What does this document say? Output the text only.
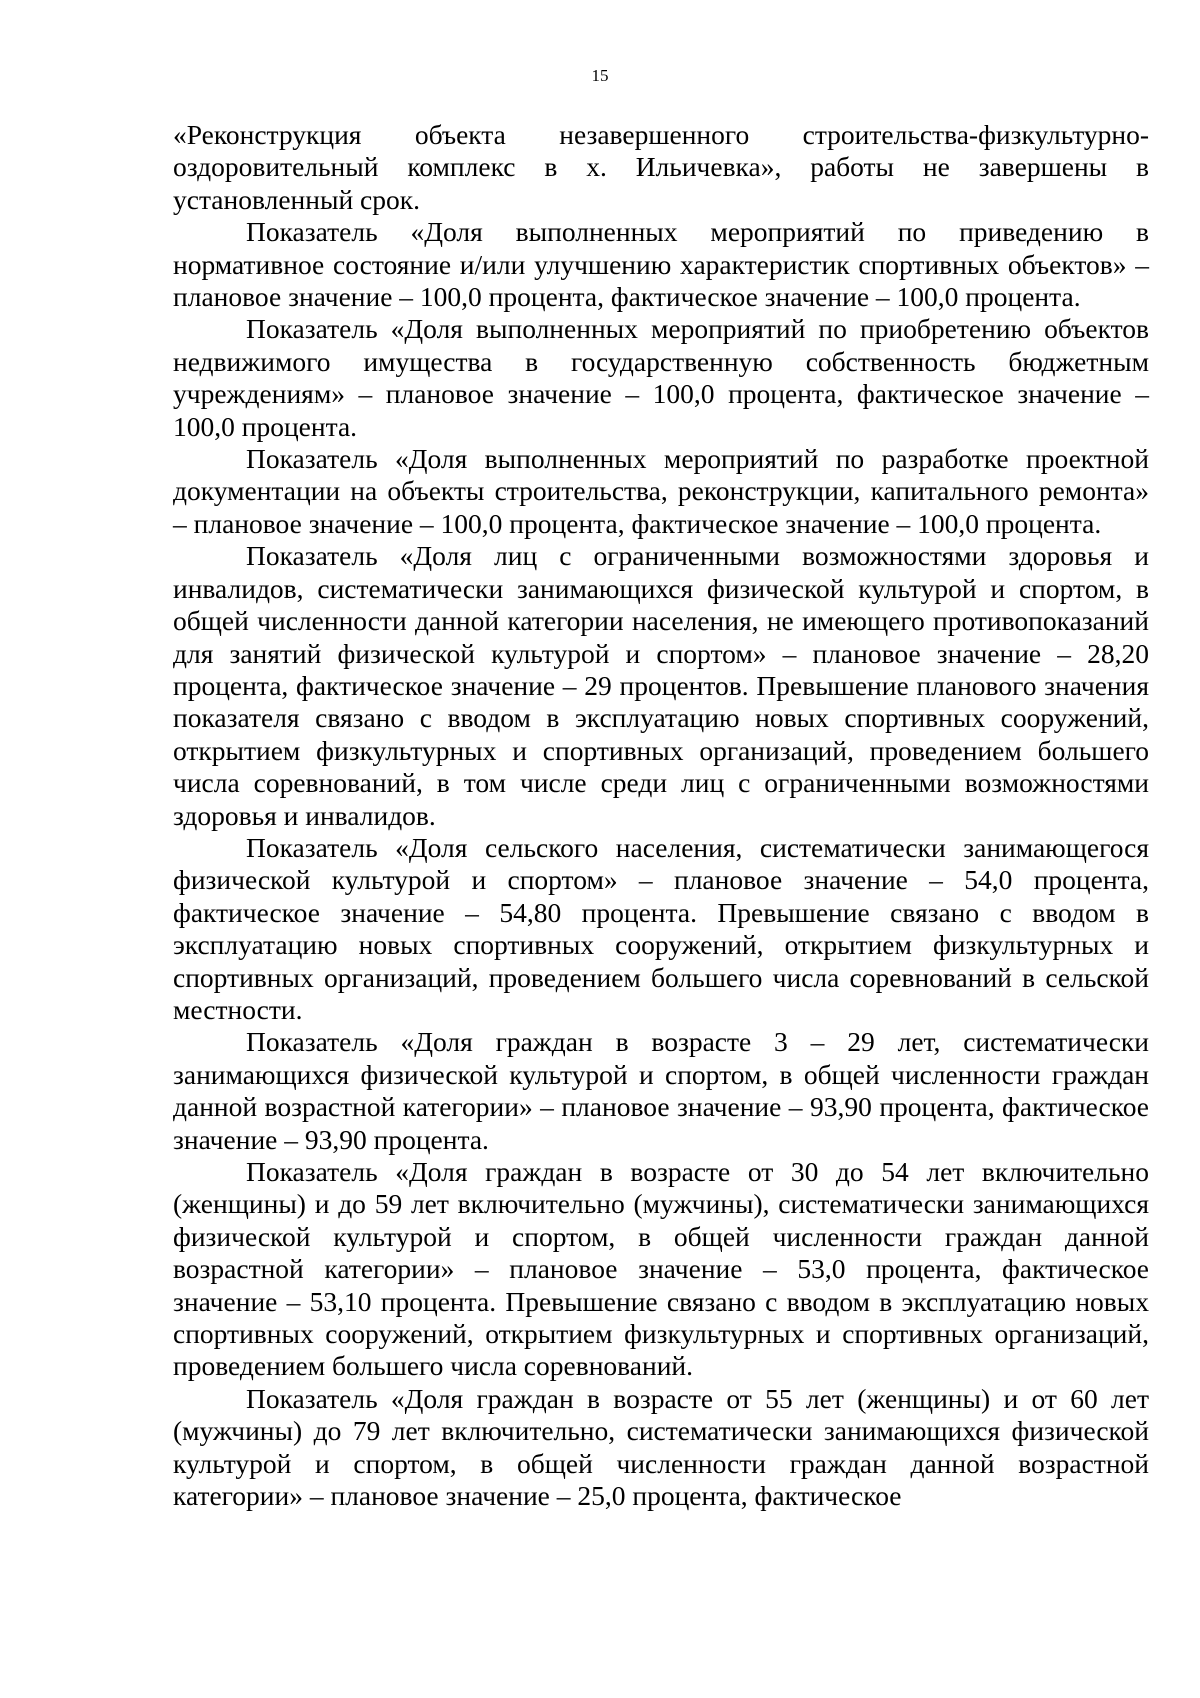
15

«Реконструкция объекта незавершенного строительства-физкультурно-оздоровительный комплекс в х. Ильичевка», работы не завершены в установленный срок.

Показатель «Доля выполненных мероприятий по приведению в нормативное состояние и/или улучшению характеристик спортивных объектов» – плановое значение – 100,0 процента, фактическое значение – 100,0 процента.

Показатель «Доля выполненных мероприятий по приобретению объектов недвижимого имущества в государственную собственность бюджетным учреждениям» – плановое значение – 100,0 процента, фактическое значение – 100,0 процента.

Показатель «Доля выполненных мероприятий по разработке проектной документации на объекты строительства, реконструкции, капитального ремонта» – плановое значение – 100,0 процента, фактическое значение – 100,0 процента.

Показатель «Доля лиц с ограниченными возможностями здоровья и инвалидов, систематически занимающихся физической культурой и спортом, в общей численности данной категории населения, не имеющего противопоказаний для занятий физической культурой и спортом» – плановое значение – 28,20 процента, фактическое значение – 29 процентов. Превышение планового значения показателя связано с вводом в эксплуатацию новых спортивных сооружений, открытием физкультурных и спортивных организаций, проведением большего числа соревнований, в том числе среди лиц с ограниченными возможностями здоровья и инвалидов.

Показатель «Доля сельского населения, систематически занимающегося физической культурой и спортом» – плановое значение – 54,0 процента, фактическое значение – 54,80 процента. Превышение связано с вводом в эксплуатацию новых спортивных сооружений, открытием физкультурных и спортивных организаций, проведением большего числа соревнований в сельской местности.

Показатель «Доля граждан в возрасте 3 – 29 лет, систематически занимающихся физической культурой и спортом, в общей численности граждан данной возрастной категории» – плановое значение – 93,90 процента, фактическое значение – 93,90 процента.

Показатель «Доля граждан в возрасте от 30 до 54 лет включительно (женщины) и до 59 лет включительно (мужчины), систематически занимающихся физической культурой и спортом, в общей численности граждан данной возрастной категории» – плановое значение – 53,0 процента, фактическое значение – 53,10 процента. Превышение связано с вводом в эксплуатацию новых спортивных сооружений, открытием физкультурных и спортивных организаций, проведением большего числа соревнований.

Показатель «Доля граждан в возрасте от 55 лет (женщины) и от 60 лет (мужчины) до 79 лет включительно, систематически занимающихся физической культурой и спортом, в общей численности граждан данной возрастной категории» – плановое значение – 25,0 процента, фактическое
